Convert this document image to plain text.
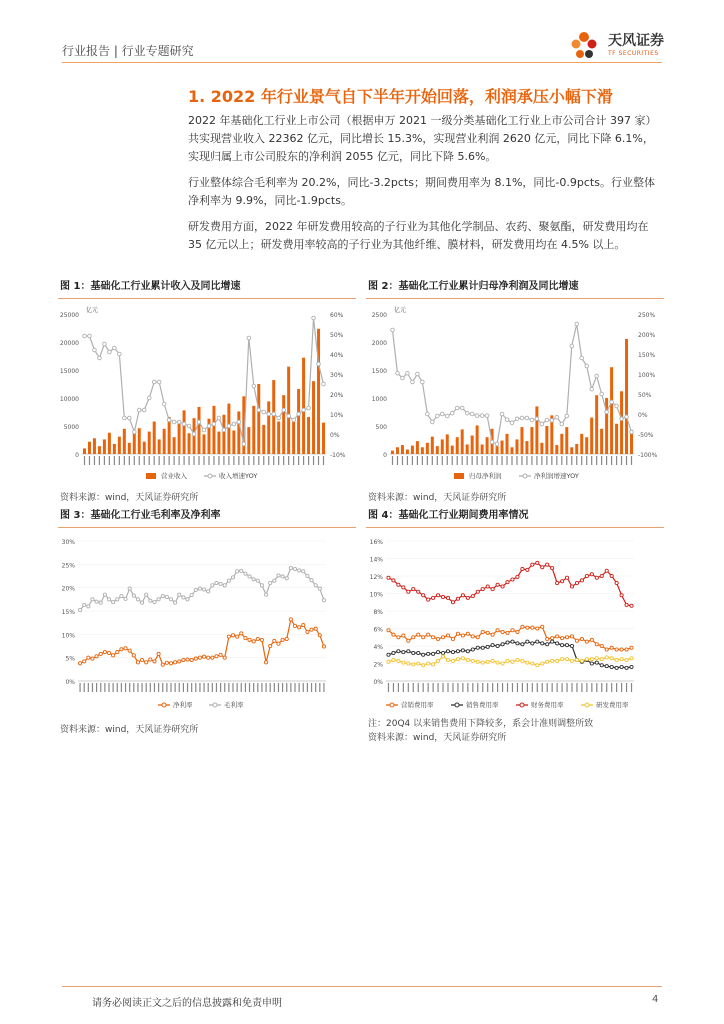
行业报告 | 行业专题研究
天风证券
TF SECURITIES
1. 2022 年行业景气自下半年开始回落，利润承压小幅下滑
2022 年基础化工行业上市公司（根据申万 2021 一级分类基础化工行业上市公司合计 397 家）共实现营业收入 22362 亿元，同比增长 15.3%，实现营业利润 2620 亿元，同比下降 6.1%，实现归属上市公司股东的净利润 2055 亿元，同比下降 5.6%。
行业整体综合毛利率为 20.2%，同比-3.2pcts；期间费用率为 8.1%，同比-0.9pcts。行业整体净利率为 9.9%，同比-1.9pcts。
研发费用方面，2022 年研发费用较高的子行业为其他化学制品、农药、聚氨酯，研发费用均在 35 亿元以上；研发费用率较高的子行业为其他纤维、膜材料，研发费用均在 4.5% 以上。
图 1：基础化工行业累计收入及同比增速	图 2：基础化工行业累计归母净利润及同比增速
图 3：基础化工行业毛利率及净利率	图 4：基础化工行业期间费用率情况
亿元
25000
20000
15000
10000
5000
0
60%
50%
40%
30%
20%
10%
0%
-10%
营业收入	收入增速YOY
亿元
2500
2000
1500
1000
500
0
250%
200%
150%
100%
50%
0%
-50%
-100%
归母净利润	净利润增速YOY
30%
25%
20%
15%
10%
5%
0%
净利率	毛利率
16%
14%
12%
10%
8%
6%
4%
2%
0%
营销费用率	销售费用率	财务费用率	研发费用率
资料来源：wind，天风证券研究所	资料来源：wind，天风证券研究所
资料来源：wind，天风证券研究所
注：20Q4 以来销售费用下降较多，系会计准则调整所致
资料来源：wind，天风证券研究所
请务必阅读正文之后的信息披露和免责申明	4
